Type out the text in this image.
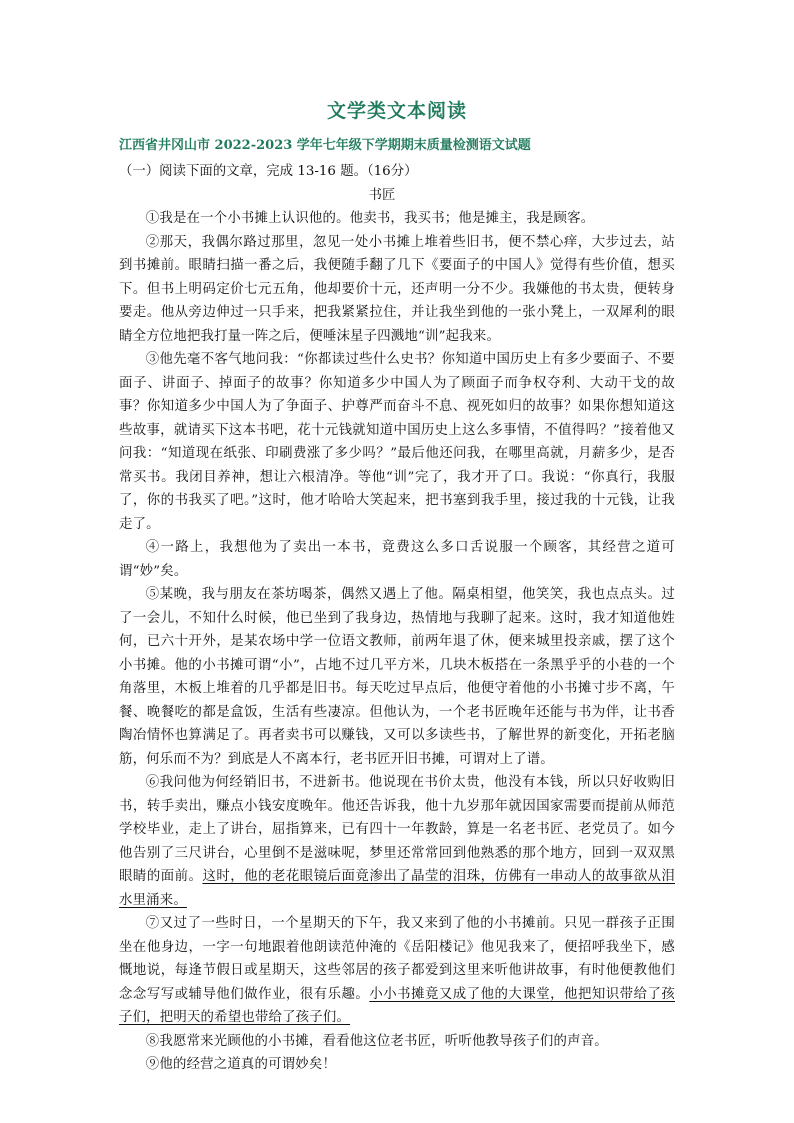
文学类文本阅读
江西省井冈山市 2022-2023 学年七年级下学期期末质量检测语文试题

（一）阅读下面的文章，完成 13-16 题。（16分）

书匠

①我是在一个小书摊上认识他的。他卖书，我买书；他是摊主，我是顾客。

②那天，我偶尔路过那里，忽见一处小书摊上堆着些旧书，便不禁心痒，大步过去，站到书摊前。眼睛扫描一番之后，我便随手翻了几下《要面子的中国人》觉得有些价值，想买下。但书上明码定价七元五角，他却要价十元，还声明一分不少。我嫌他的书太贵，便转身要走。他从旁边伸过一只手来，把我紧紧拉住，并让我坐到他的一张小凳上，一双犀利的眼睛全方位地把我打量一阵之后，便唾沫星子四溅地“训”起我来。

③他先毫不客气地问我：“你都读过些什么史书？你知道中国历史上有多少要面子、不要面子、讲面子、掉面子的故事？你知道多少中国人为了顾面子而争权夺利、大动干戈的故事？你知道多少中国人为了争面子、护尊严而奋斗不息、视死如归的故事？如果你想知道这些故事，就请买下这本书吧，花十元钱就知道中国历史上这么多事情，不值得吗？”接着他又问我：“知道现在纸张、印刷费涨了多少吗？”最后他还问我，在哪里高就，月薪多少，是否常买书。我闭目养神，想让六根清净。等他“训”完了，我才开了口。我说：“你真行，我服了，你的书我买了吧。”这时，他才哈哈大笑起来，把书塞到我手里，接过我的十元钱，让我走了。

④一路上，我想他为了卖出一本书，竟费这么多口舌说服一个顾客，其经营之道可谓“妙”矣。

⑤某晚，我与朋友在茶坊喝茶，偶然又遇上了他。隔桌相望，他笑笑，我也点点头。过了一会儿，不知什么时候，他已坐到了我身边，热情地与我聊了起来。这时，我才知道他姓何，已六十开外，是某农场中学一位语文教师，前两年退了休，便来城里投亲戚，摆了这个小书摊。他的小书摊可谓“小”，占地不过几平方米，几块木板搭在一条黑乎乎的小巷的一个角落里，木板上堆着的几乎都是旧书。每天吃过早点后，他便守着他的小书摊寸步不离，午餐、晚餐吃的都是盒饭，生活有些凄凉。但他认为，一个老书匠晚年还能与书为伴，让书香陶冶情怀也算满足了。再者卖书可以赚钱，又可以多读些书，了解世界的新变化，开拓老脑筋，何乐而不为？到底是人不离本行，老书匠开旧书摊，可谓对上了谱。

⑥我问他为何经销旧书，不进新书。他说现在书价太贵，他没有本钱，所以只好收购旧书，转手卖出，赚点小钱安度晚年。他还告诉我，他十九岁那年就因国家需要而提前从师范学校毕业，走上了讲台，屈指算来，已有四十一年教龄，算是一名老书匠、老党员了。如今他告别了三尺讲台，心里倒不是滋味呢，梦里还常常回到他熟悉的那个地方，回到一双双黑眼睛的面前。这时，他的老花眼镜后面竟渗出了晶莹的泪珠，仿佛有一串动人的故事欲从泪水里涌来。

⑦又过了一些时日，一个星期天的下午，我又来到了他的小书摊前。只见一群孩子正围坐在他身边，一字一句地跟着他朗读范仲淹的《岳阳楼记》他见我来了，便招呼我坐下，感慨地说，每逢节假日或星期天，这些邻居的孩子都爱到这里来听他讲故事，有时他便教他们念念写写或辅导他们做作业，很有乐趣。小小书摊竟又成了他的大课堂，他把知识带给了孩子们，把明天的希望也带给了孩子们。

⑧我愿常来光顾他的小书摊，看看他这位老书匠，听听他教导孩子们的声音。

⑨他的经营之道真的可谓妙矣！
